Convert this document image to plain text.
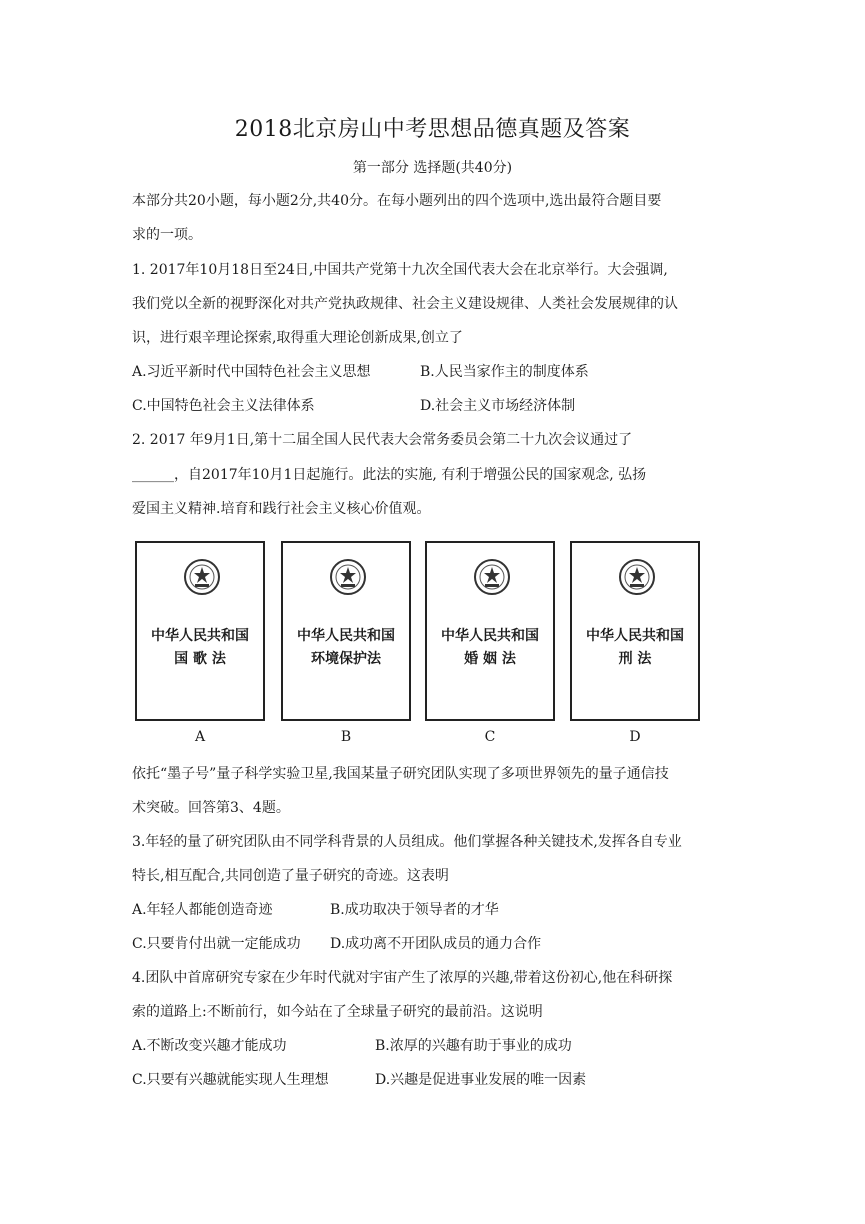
2018北京房山中考思想品德真题及答案
第一部分 选择题(共40分)
本部分共20小题，每小题2分,共40分。在每小题列出的四个选项中,选出最符合题目要
求的一项。
1. 2017年10月18日至24日,中国共产党第十九次全国代表大会在北京举行。大会强调,
我们党以全新的视野深化对共产党执政规律、社会主义建设规律、人类社会发展规律的认
识，进行艰辛理论探索,取得重大理论创新成果,创立了
A.习近平新时代中国特色社会主义思想	B.人民当家作主的制度体系
C.中国特色社会主义法律体系	D.社会主义市场经济体制
2. 2017 年9月1日,第十二届全国人民代表大会常务委员会第二十九次会议通过了
______，自2017年10月1日起施行。此法的实施, 有利于增强公民的国家观念, 弘扬
爱国主义精神.培育和践行社会主义核心价值观。
中华人民共和国
国 歌 法
中华人民共和国
环境保护法
中华人民共和国
婚 姻 法
中华人民共和国
刑 法
A	B	C	D
依托“墨子号”量子科学实验卫星,我国某量子研究团队实现了多项世界领先的量子通信技
术突破。回答第3、4题。
3.年轻的量了研究团队由不同学科背景的人员组成。他们掌握各种关键技术,发挥各自专业
特长,相互配合,共同创造了量子研究的奇迹。这表明
A.年轻人都能创造奇迹	B.成功取决于领导者的才华
C.只要肯付出就一定能成功 D.成功离不开团队成员的通力合作
4.团队中首席研究专家在少年时代就对宇宙产生了浓厚的兴趣,带着这份初心,他在科研探
索的道路上:不断前行，如今站在了全球量子研究的最前沿。这说明
A.不断改变兴趣才能成功	B.浓厚的兴趣有助于事业的成功
C.只要有兴趣就能实现人生理想	D.兴趣是促进事业发展的唯一因素
